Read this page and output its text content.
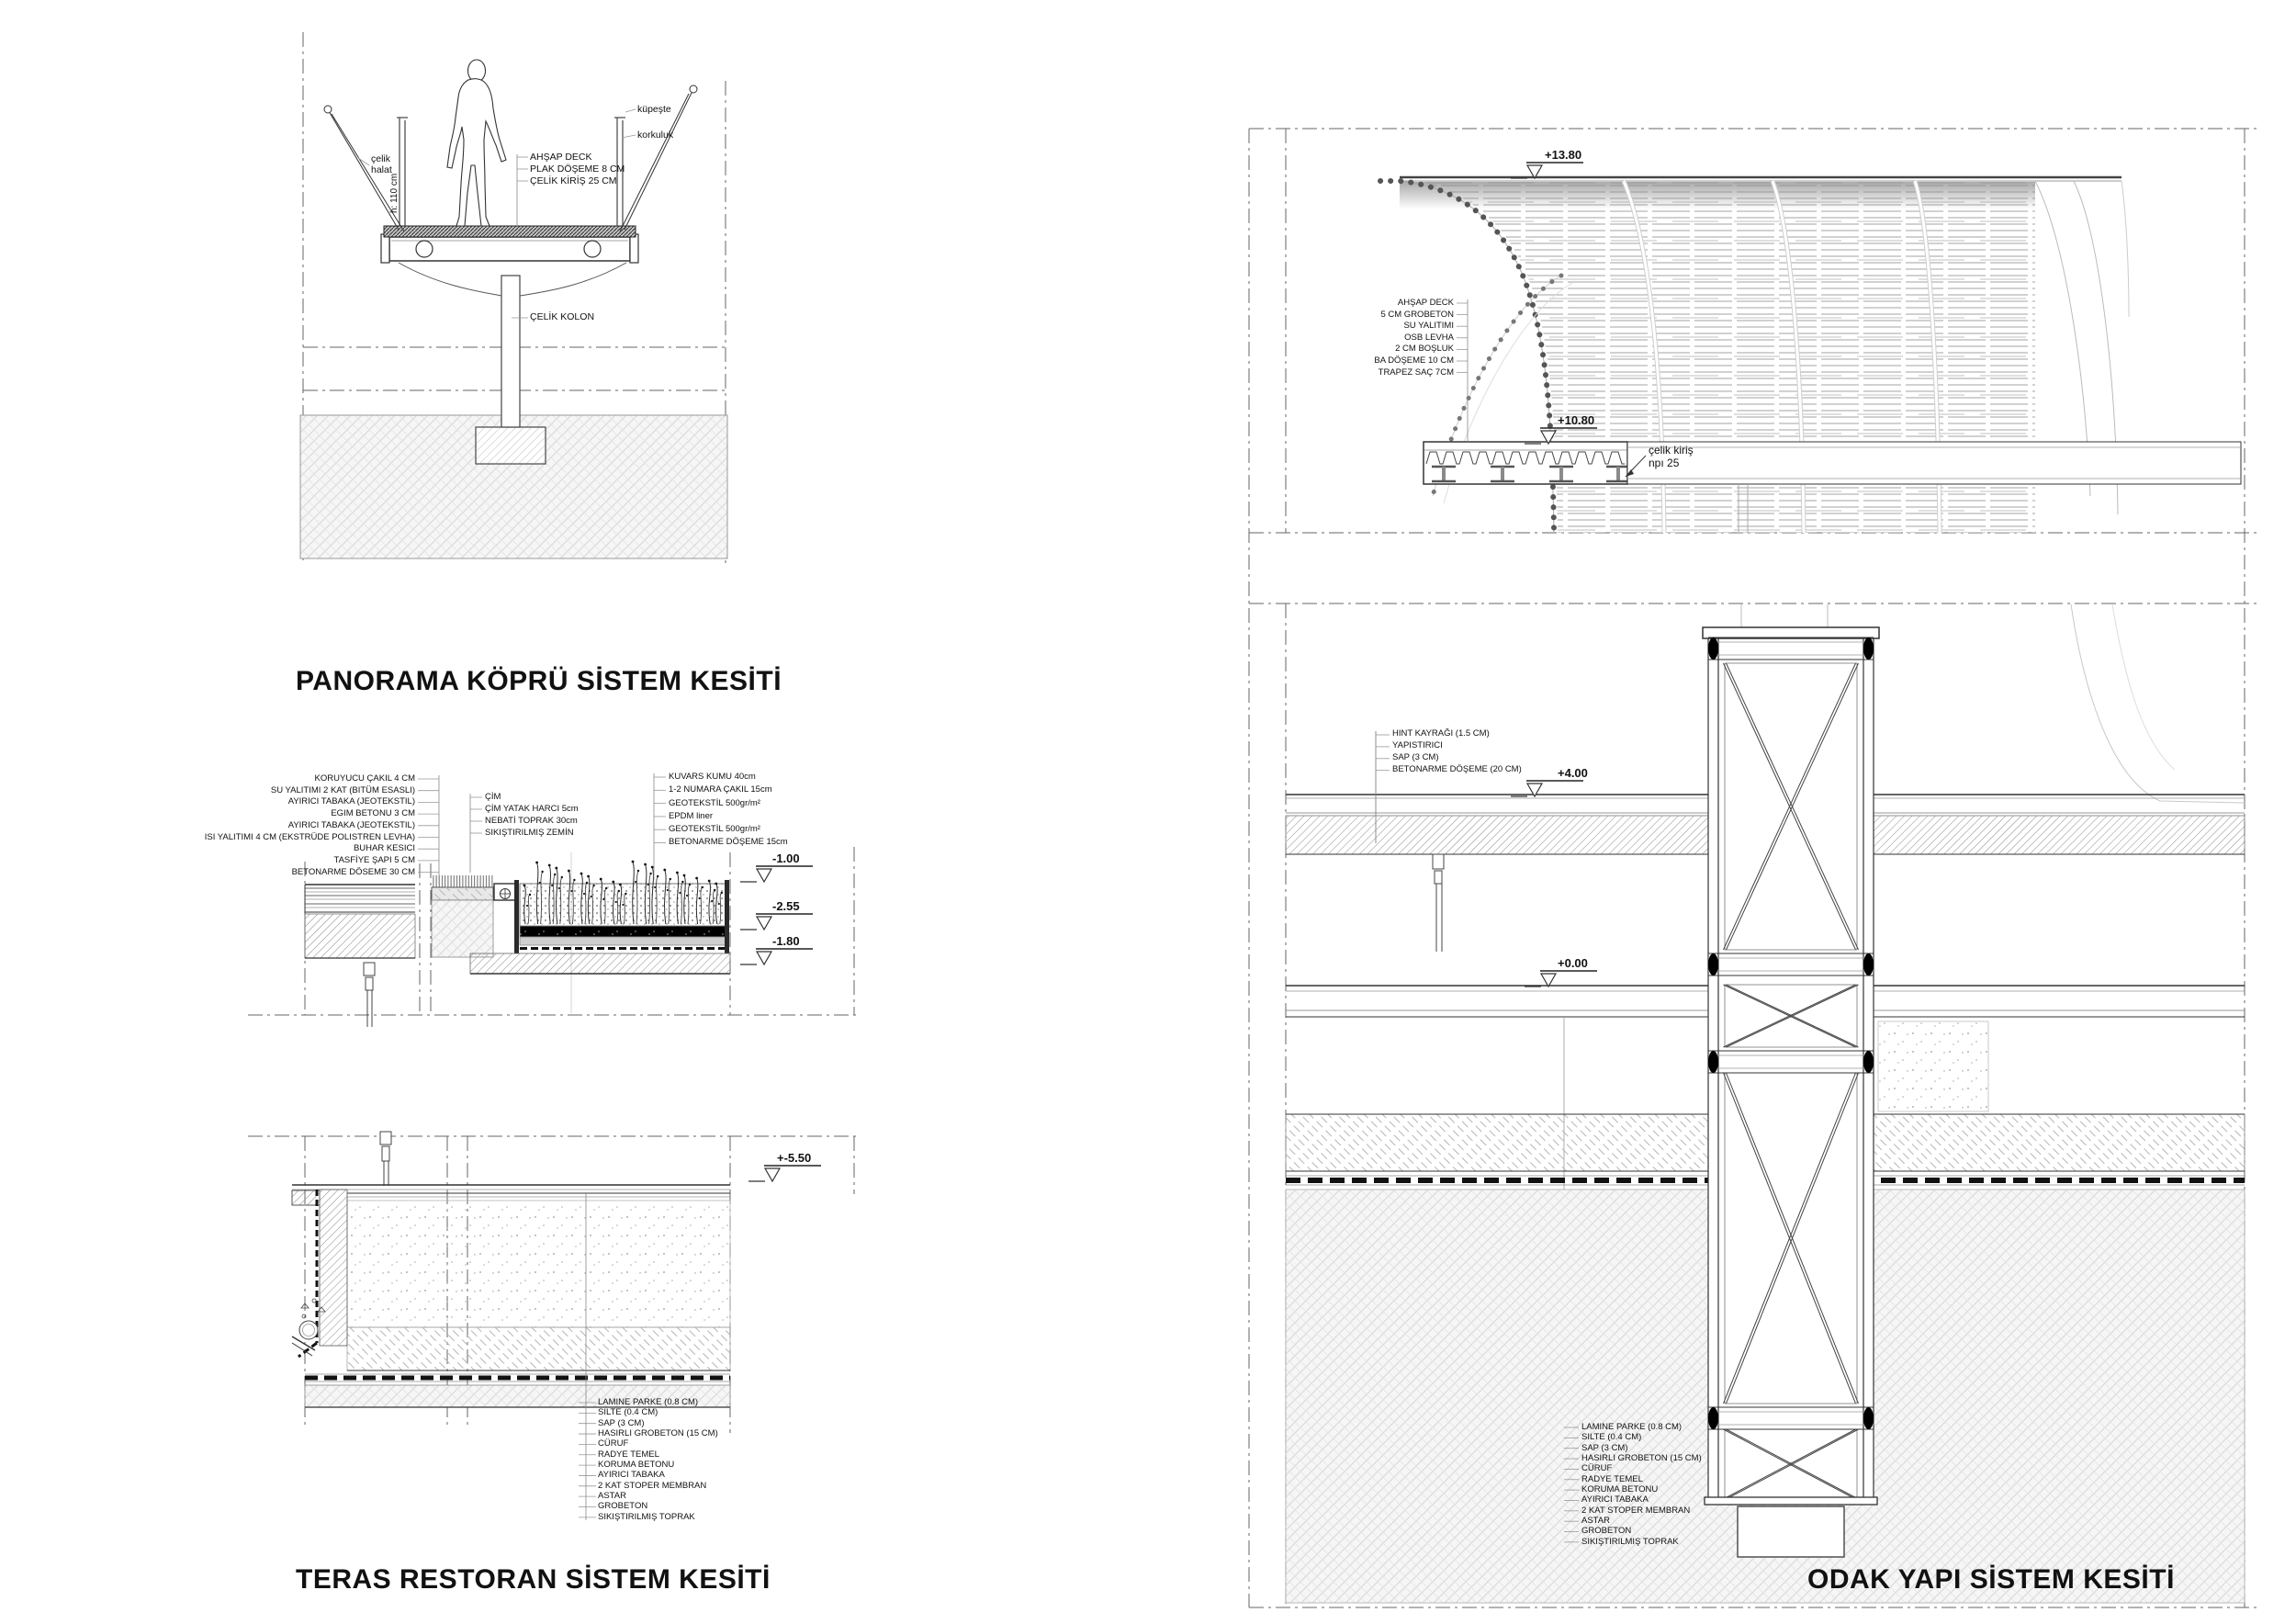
PANORAMA KÖPRÜ SİSTEM KESİTİ
TERAS RESTORAN SİSTEM KESİTİ	ODAK YAPI SİSTEM KESİTİ
küpeşte
korkuluk
çelik halat
h: 110 cm
AHŞAP DECK
PLAK DÖŞEME 8 CM
ÇELİK KİRİŞ 25 CM
ÇELİK KOLON
KORUYUCU ÇAKIL 4 CM
SU YALITIMI 2 KAT (BITÜM ESASLI)
AYIRICI TABAKA (JEOTEKSTIL)
EGIM BETONU 3 CM
AYIRICI TABAKA (JEOTEKSTIL)
ISI YALITIMI 4 CM (EKSTRÜDE POLISTREN LEVHA)
BUHAR KESICI
TASFİYE ŞAPI 5 CM
BETONARME DÖSEME 30 CM
ÇİM
ÇİM YATAK HARCI 5cm
NEBATİ TOPRAK 30cm
SIKIŞTIRILMIŞ ZEMİN
KUVARS KUMU 40cm
1-2 NUMARA ÇAKIL 15cm
GEOTEKSTİL 500gr/m²
EPDM liner
GEOTEKSTİL 500gr/m²
BETONARME DÖŞEME 15cm
LAMINE PARKE (0.8 CM)
SILTE (0.4 CM)
SAP (3 CM)
HASIRLI GROBETON (15 CM)
CÜRUF
RADYE TEMEL
KORUMA BETONU
AYIRICI TABAKA
2 KAT STOPER MEMBRAN
ASTAR
GROBETON
SIKIŞTIRILMIŞ TOPRAK
AHŞAP DECK
5 CM GROBETON
SU YALITIMI
OSB LEVHA
2 CM BOŞLUK
BA DÖŞEME 10 CM
TRAPEZ SAÇ 7CM
HINT KAYRAĞI (1.5 CM)
YAPISTIRICI
SAP (3 CM)
BETONARME DÖŞEME (20 CM)
LAMINE PARKE (0.8 CM)
SILTE (0.4 CM)
SAP (3 CM)
HASIRLI GROBETON (15 CM)
CÜRUF
RADYE TEMEL
KORUMA BETONU
AYIRICI TABAKA
2 KAT STOPER MEMBRAN
ASTAR
GROBETON
SIKIŞTIRILMIŞ TOPRAK
çelik kiriş
npı 25
+13.80
+10.80
+4.00
+0.00
-1.00
-2.55
-1.80
+-5.50
